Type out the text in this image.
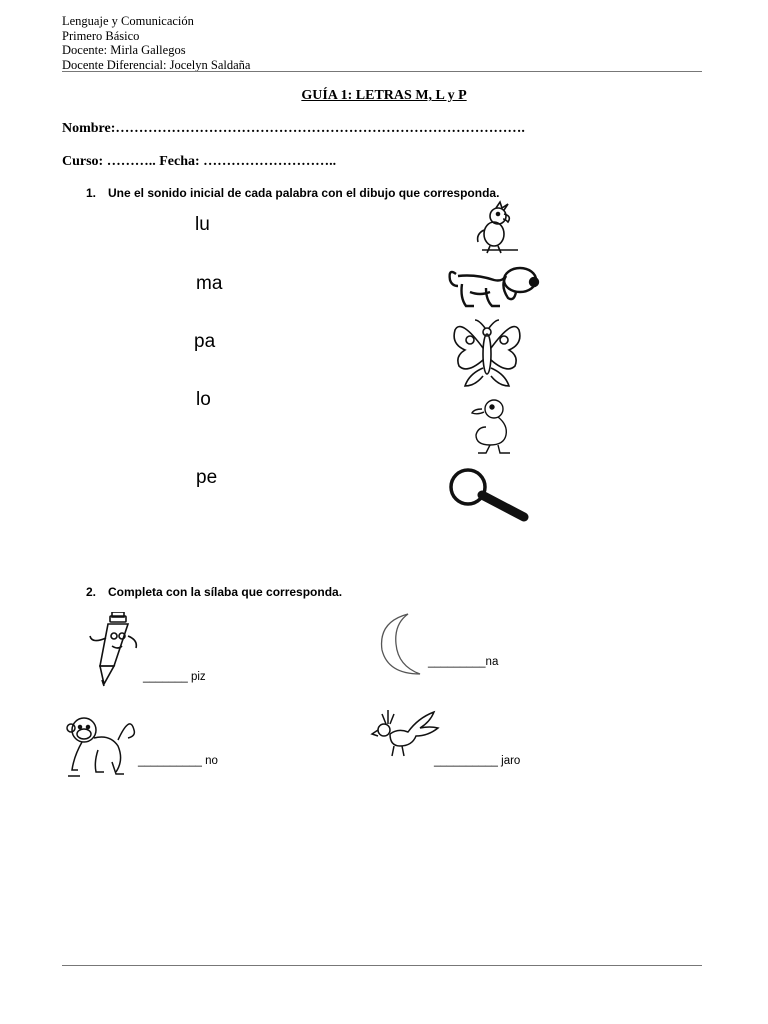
Lenguaje y Comunicación
Primero Básico
Docente: Mirla Gallegos
Docente Diferencial: Jocelyn Saldaña
GUÍA 1: LETRAS M, L y P
Nombre:…………………………………………………………………………….
Curso: ……….. Fecha: ………………………..
1. Une el sonido inicial de cada palabra con el dibujo que corresponda.
lu
ma
pa
lo
pe
2. Completa con la sílaba que corresponda.
_______ piz
_________na
__________ no	__________ jaro
